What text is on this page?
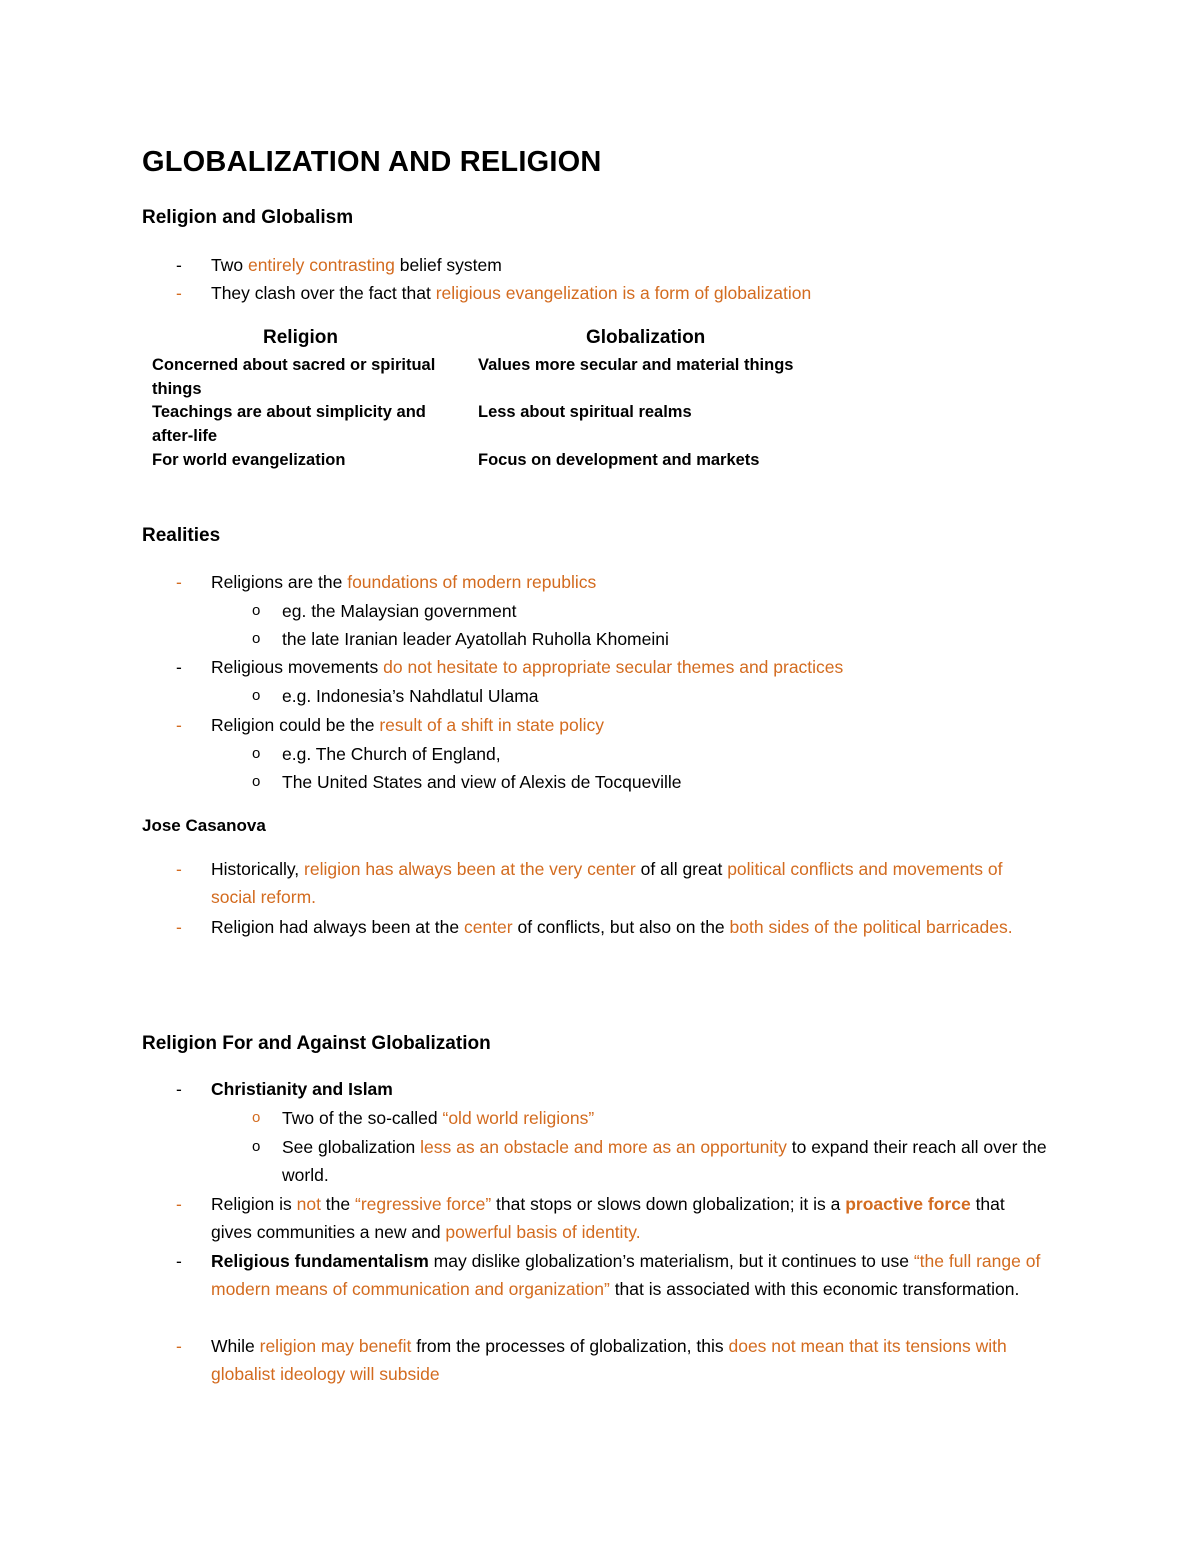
GLOBALIZATION AND RELIGION
Religion and Globalism
- Two entirely contrasting belief system
- They clash over the fact that religious evangelization is a form of globalization
Religion	Globalization
Concerned about sacred or spiritual things
Values more secular and material things
Teachings are about simplicity and after-life
Less about spiritual realms
For world evangelization	Focus on development and markets
Realities
- Religions are the foundations of modern republics
o eg. the Malaysian government
o the late Iranian leader Ayatollah Ruholla Khomeini
- Religious movements do not hesitate to appropriate secular themes and practices
o e.g. Indonesia’s Nahdlatul Ulama
- Religion could be the result of a shift in state policy
o e.g. The Church of England,
o The United States and view of Alexis de Tocqueville
Jose Casanova
- Historically, religion has always been at the very center of all great political conflicts and movements of social reform.
- Religion had always been at the center of conflicts, but also on the both sides of the political barricades.
Religion For and Against Globalization
- Christianity and Islam
o Two of the so-called “old world religions”
o See globalization less as an obstacle and more as an opportunity to expand their reach all over the world.
- Religion is not the “regressive force” that stops or slows down globalization; it is a proactive force that gives communities a new and powerful basis of identity.
- Religious fundamentalism may dislike globalization’s materialism, but it continues to use “the full range of modern means of communication and organization” that is associated with this economic transformation.
- While religion may benefit from the processes of globalization, this does not mean that its tensions with globalist ideology will subside
